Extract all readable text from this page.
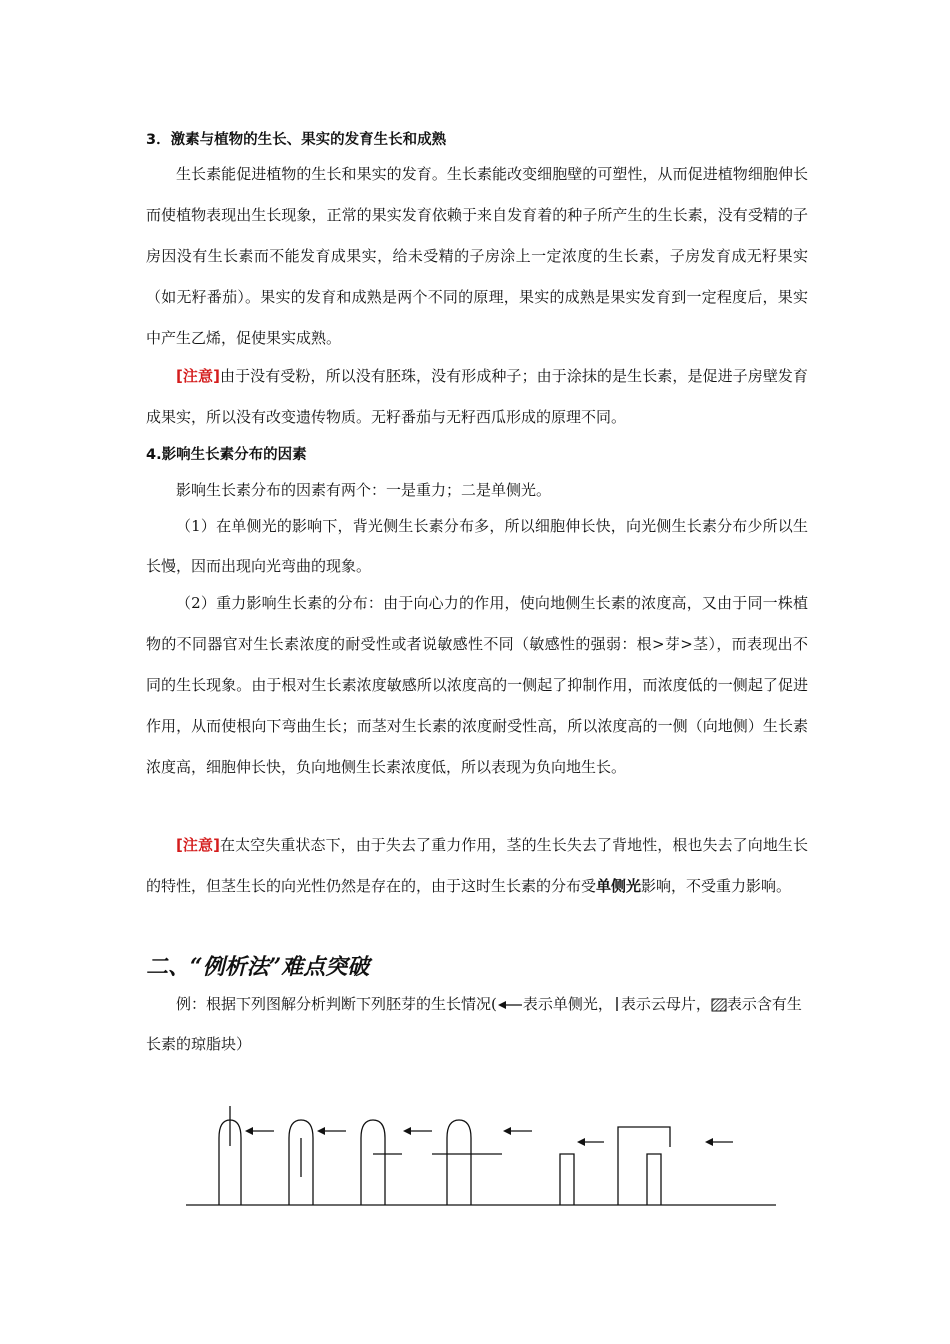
3．激素与植物的生长、果实的发育生长和成熟

生长素能促进植物的生长和果实的发育。生长素能改变细胞壁的可塑性，从而促进植物细胞伸长而使植物表现出生长现象，正常的果实发育依赖于来自发育着的种子所产生的生长素，没有受精的子房因没有生长素而不能发育成果实，给未受精的子房涂上一定浓度的生长素，子房发育成无籽果实（如无籽番茄）。果实的发育和成熟是两个不同的原理，果实的成熟是果实发育到一定程度后，果实中产生乙烯，促使果实成熟。

[注意]由于没有受粉，所以没有胚珠，没有形成种子；由于涂抹的是生长素，是促进子房壁发育成果实，所以没有改变遗传物质。无籽番茄与无籽西瓜形成的原理不同。

4.影响生长素分布的因素

影响生长素分布的因素有两个：一是重力；二是单侧光。

（1）在单侧光的影响下，背光侧生长素分布多，所以细胞伸长快，向光侧生长素分布少所以生长慢，因而出现向光弯曲的现象。

（2）重力影响生长素的分布：由于向心力的作用，使向地侧生长素的浓度高，又由于同一株植物的不同器官对生长素浓度的耐受性或者说敏感性不同（敏感性的强弱：根>芽>茎），而表现出不同的生长现象。由于根对生长素浓度敏感所以浓度高的一侧起了抑制作用，而浓度低的一侧起了促进作用，从而使根向下弯曲生长；而茎对生长素的浓度耐受性高，所以浓度高的一侧（向地侧）生长素浓度高，细胞伸长快，负向地侧生长素浓度低，所以表现为负向地生长。

[注意]在太空失重状态下，由于失去了重力作用，茎的生长失去了背地性，根也失去了向地生长的特性，但茎生长的向光性仍然是存在的，由于这时生长素的分布受单侧光影响，不受重力影响。

二、“例析法”难点突破

例：根据下列图解分析判断下列胚芽的生长情况( 表示单侧光， 表示云母片， 表示含有生长素的琼脂块）
